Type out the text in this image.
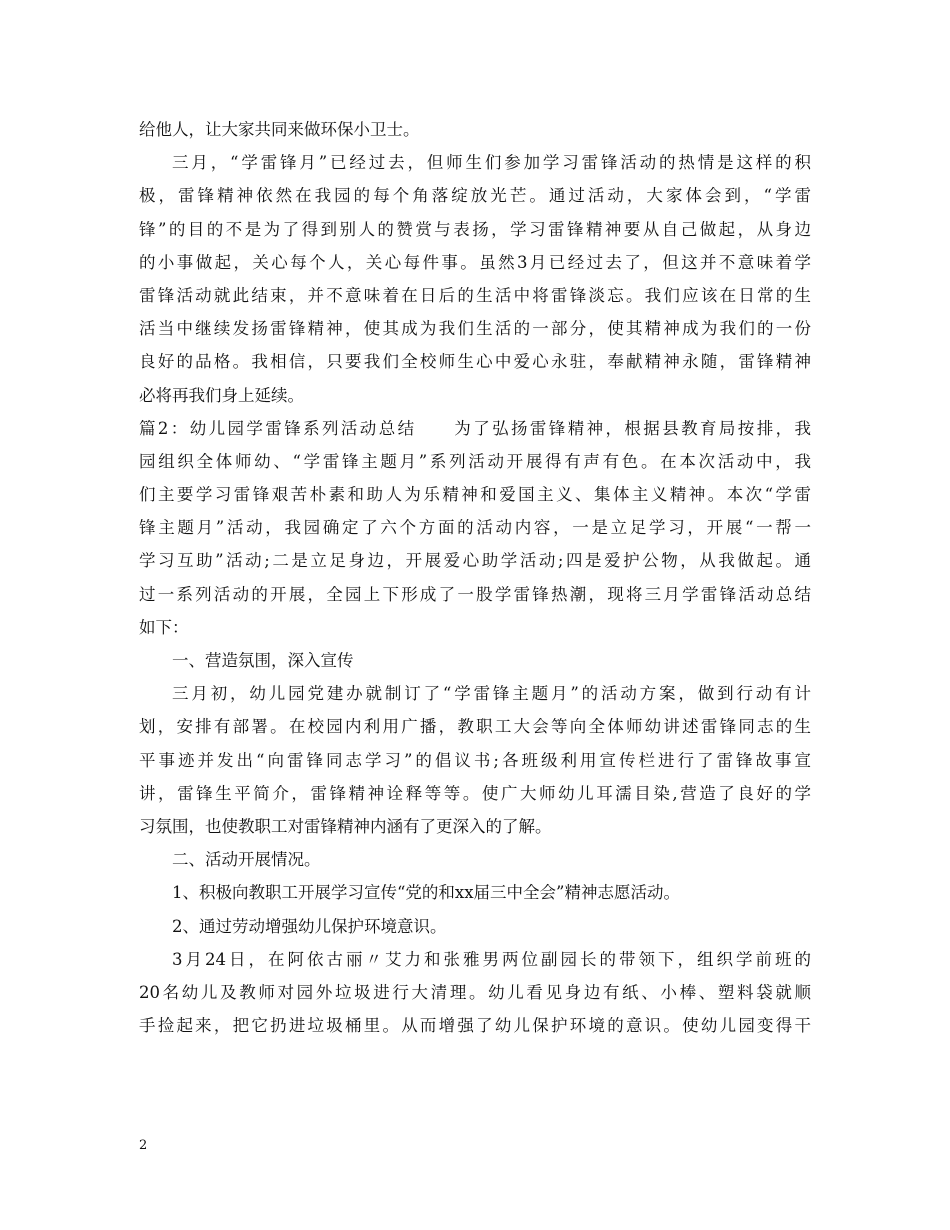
给他人，让大家共同来做环保小卫士。
三月，“学雷锋月”已经过去，但师生们参加学习雷锋活动的热情是这样的积
极，雷锋精神依然在我园的每个角落绽放光芒。通过活动，大家体会到，“学雷
锋”的目的不是为了得到别人的赞赏与表扬，学习雷锋精神要从自己做起，从身边
的小事做起，关心每个人，关心每件事。虽然3月已经过去了，但这并不意味着学
雷锋活动就此结束，并不意味着在日后的生活中将雷锋淡忘。我们应该在日常的生
活当中继续发扬雷锋精神，使其成为我们生活的一部分，使其精神成为我们的一份
良好的品格。我相信，只要我们全校师生心中爱心永驻，奉献精神永随，雷锋精神
必将再我们身上延续。
篇2：幼儿园学雷锋系列活动总结　　为了弘扬雷锋精神，根据县教育局按排，我
园组织全体师幼、“学雷锋主题月”系列活动开展得有声有色。在本次活动中，我
们主要学习雷锋艰苦朴素和助人为乐精神和爱国主义、集体主义精神。本次“学雷
锋主题月”活动，我园确定了六个方面的活动内容，一是立足学习，开展“一帮一
学习互助”活动;二是立足身边，开展爱心助学活动;四是爱护公物，从我做起。通
过一系列活动的开展，全园上下形成了一股学雷锋热潮，现将三月学雷锋活动总结
如下：
一、营造氛围，深入宣传
三月初，幼儿园党建办就制订了“学雷锋主题月”的活动方案，做到行动有计
划，安排有部署。在校园内利用广播，教职工大会等向全体师幼讲述雷锋同志的生
平事迹并发出“向雷锋同志学习”的倡议书;各班级利用宣传栏进行了雷锋故事宣
讲，雷锋生平简介，雷锋精神诠释等等。使广大师幼儿耳濡目染,营造了良好的学
习氛围，也使教职工对雷锋精神内涵有了更深入的了解。
二、活动开展情况。
1、积极向教职工开展学习宣传“党的和xx届三中全会”精神志愿活动。
2、通过劳动增强幼儿保护环境意识。
3月24日，在阿依古丽〃艾力和张雅男两位副园长的带领下，组织学前班的
20名幼儿及教师对园外垃圾进行大清理。幼儿看见身边有纸、小棒、塑料袋就顺
手捡起来，把它扔进垃圾桶里。从而增强了幼儿保护环境的意识。使幼儿园变得干
2
